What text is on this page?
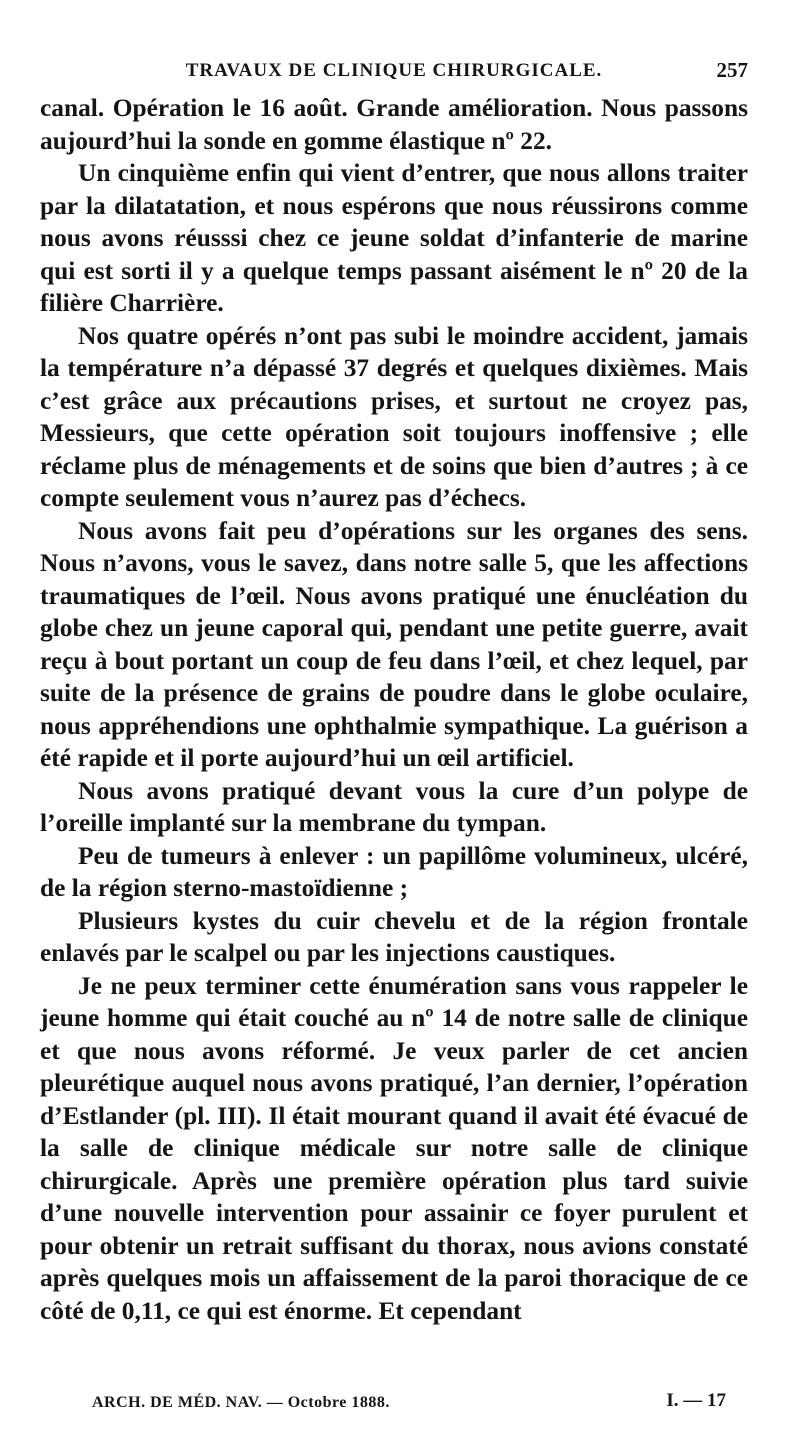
TRAVAUX DE CLINIQUE CHIRURGICALE.	257

canal. Opération le 16 août. Grande amélioration. Nous passons aujourd’hui la sonde en gomme élastique nº 22.

Un cinquième enfin qui vient d’entrer, que nous allons traiter par la dilatatation, et nous espérons que nous réussirons comme nous avons réusssi chez ce jeune soldat d’infanterie de marine qui est sorti il y a quelque temps passant aisément le nº 20 de la filière Charrière.

Nos quatre opérés n’ont pas subi le moindre accident, jamais la température n’a dépassé 37 degrés et quelques dixièmes. Mais c’est grâce aux précautions prises, et surtout ne croyez pas, Messieurs, que cette opération soit toujours inoffensive ; elle réclame plus de ménagements et de soins que bien d’autres ; à ce compte seulement vous n’aurez pas d’échecs.

Nous avons fait peu d’opérations sur les organes des sens. Nous n’avons, vous le savez, dans notre salle 5, que les affections traumatiques de l’œil. Nous avons pratiqué une énucléation du globe chez un jeune caporal qui, pendant une petite guerre, avait reçu à bout portant un coup de feu dans l’œil, et chez lequel, par suite de la présence de grains de poudre dans le globe oculaire, nous appréhendions une ophthalmie sympathique. La guérison a été rapide et il porte aujourd’hui un œil artificiel.

Nous avons pratiqué devant vous la cure d’un polype de l’oreille implanté sur la membrane du tympan.

Peu de tumeurs à enlever : un papillôme volumineux, ulcéré, de la région sterno-mastoïdienne ;

Plusieurs kystes du cuir chevelu et de la région frontale enlavés par le scalpel ou par les injections caustiques.

Je ne peux terminer cette énumération sans vous rappeler le jeune homme qui était couché au nº 14 de notre salle de clinique et que nous avons réformé. Je veux parler de cet ancien pleurétique auquel nous avons pratiqué, l’an dernier, l’opération d’Estlander (pl. III). Il était mourant quand il avait été évacué de la salle de clinique médicale sur notre salle de clinique chirurgicale. Après une première opération plus tard suivie d’une nouvelle intervention pour assainir ce foyer purulent et pour obtenir un retrait suffisant du thorax, nous avions constaté après quelques mois un affaissement de la paroi thoracique de ce côté de 0,11, ce qui est énorme. Et cependant

ARCH. DE MÉD. NAV. — Octobre 1888.	I. — 17
